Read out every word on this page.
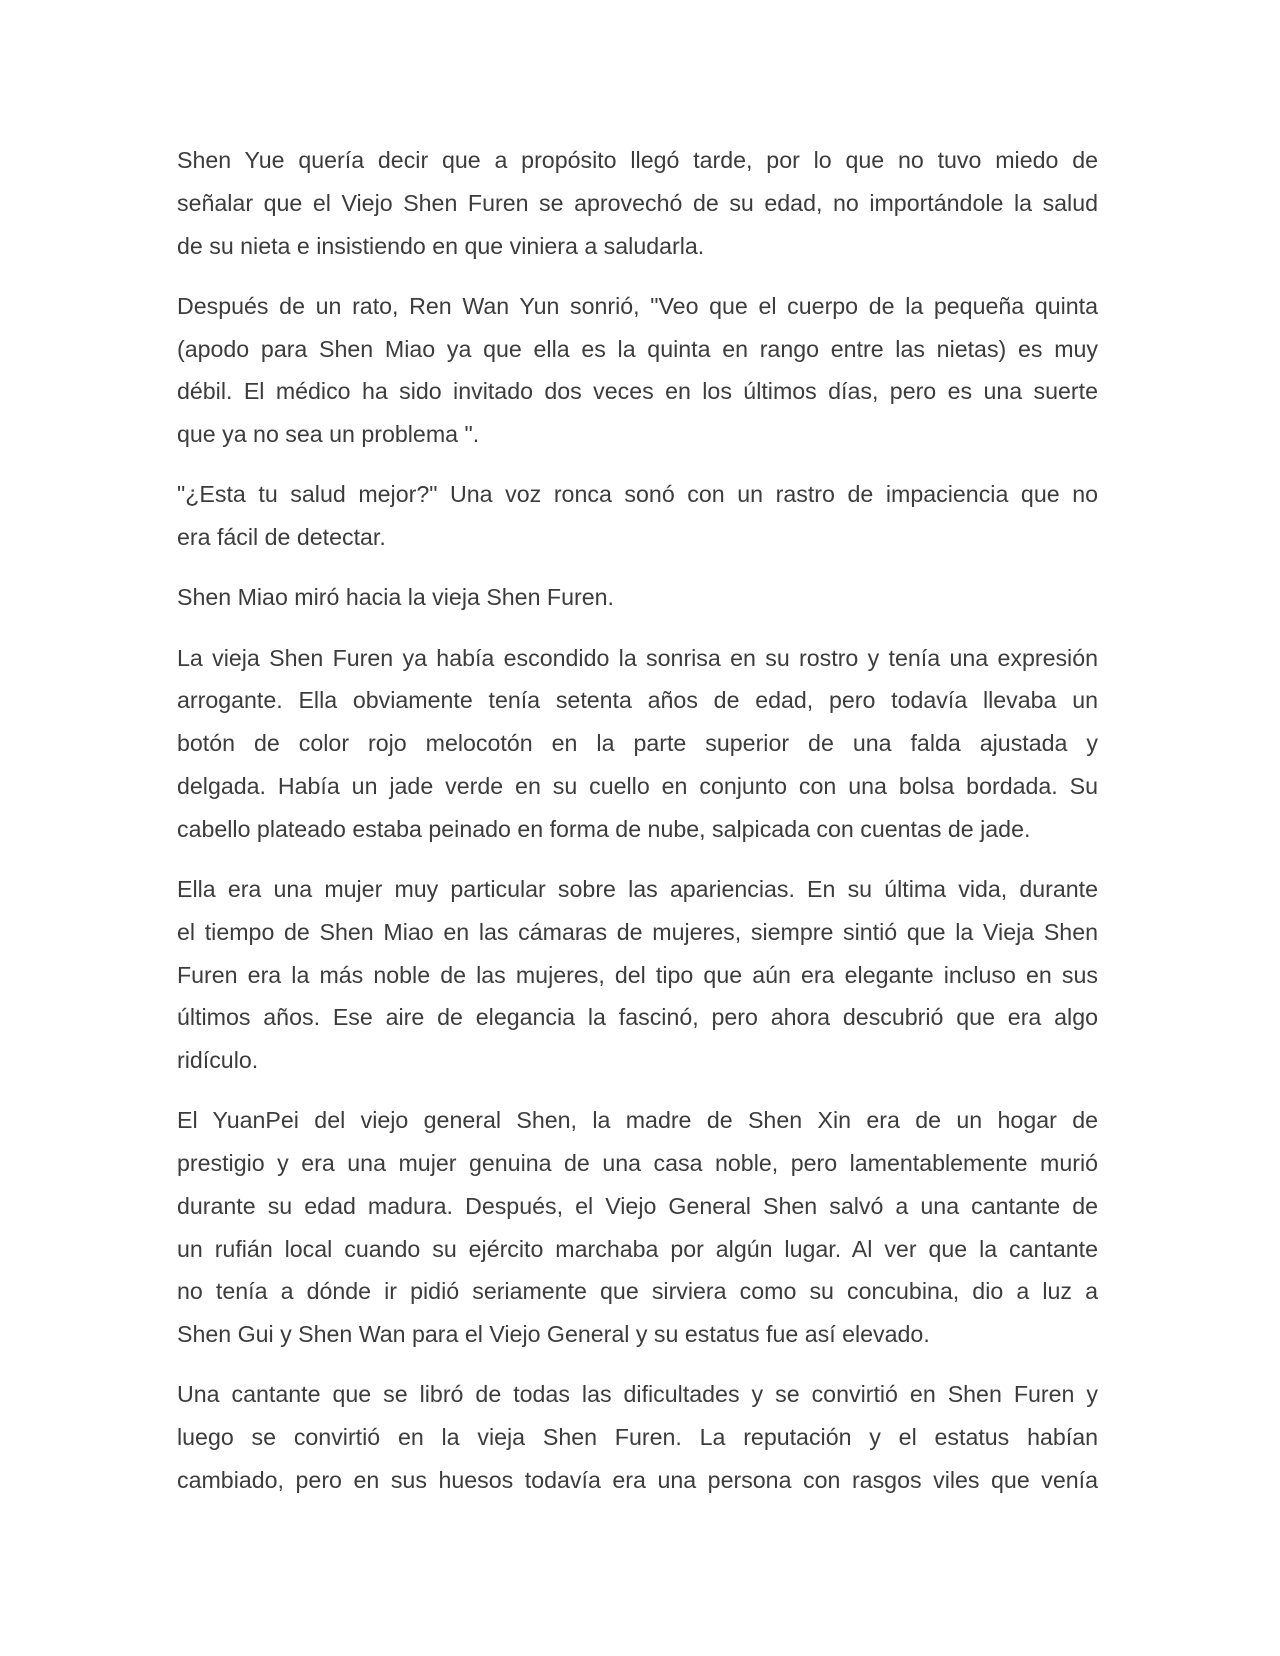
Shen Yue quería decir que a propósito llegó tarde, por lo que no tuvo miedo de
señalar que el Viejo Shen Furen se aprovechó de su edad, no importándole la salud
de su nieta e insistiendo en que viniera a saludarla.

Después de un rato, Ren Wan Yun sonrió, "Veo que el cuerpo de la pequeña quinta
(apodo para Shen Miao ya que ella es la quinta en rango entre las nietas) es muy
débil. El médico ha sido invitado dos veces en los últimos días, pero es una suerte
que ya no sea un problema ".

"¿Esta tu salud mejor?" Una voz ronca sonó con un rastro de impaciencia que no
era fácil de detectar.

Shen Miao miró hacia la vieja Shen Furen.

La vieja Shen Furen ya había escondido la sonrisa en su rostro y tenía una expresión
arrogante. Ella obviamente tenía setenta años de edad, pero todavía llevaba un
botón de color rojo melocotón en la parte superior de una falda ajustada y
delgada. Había un jade verde en su cuello en conjunto con una bolsa bordada. Su
cabello plateado estaba peinado en forma de nube, salpicada con cuentas de jade.

Ella era una mujer muy particular sobre las apariencias. En su última vida, durante
el tiempo de Shen Miao en las cámaras de mujeres, siempre sintió que la Vieja Shen
Furen era la más noble de las mujeres, del tipo que aún era elegante incluso en sus
últimos años. Ese aire de elegancia la fascinó, pero ahora descubrió que era algo
ridículo.

El YuanPei del viejo general Shen, la madre de Shen Xin era de un hogar de
prestigio y era una mujer genuina de una casa noble, pero lamentablemente murió
durante su edad madura. Después, el Viejo General Shen salvó a una cantante de
un rufián local cuando su ejército marchaba por algún lugar. Al ver que la cantante
no tenía a dónde ir pidió seriamente que sirviera como su concubina, dio a luz a
Shen Gui y Shen Wan para el Viejo General y su estatus fue así elevado.

Una cantante que se libró de todas las dificultades y se convirtió en Shen Furen y
luego se convirtió en la vieja Shen Furen. La reputación y el estatus habían
cambiado, pero en sus huesos todavía era una persona con rasgos viles que venía
